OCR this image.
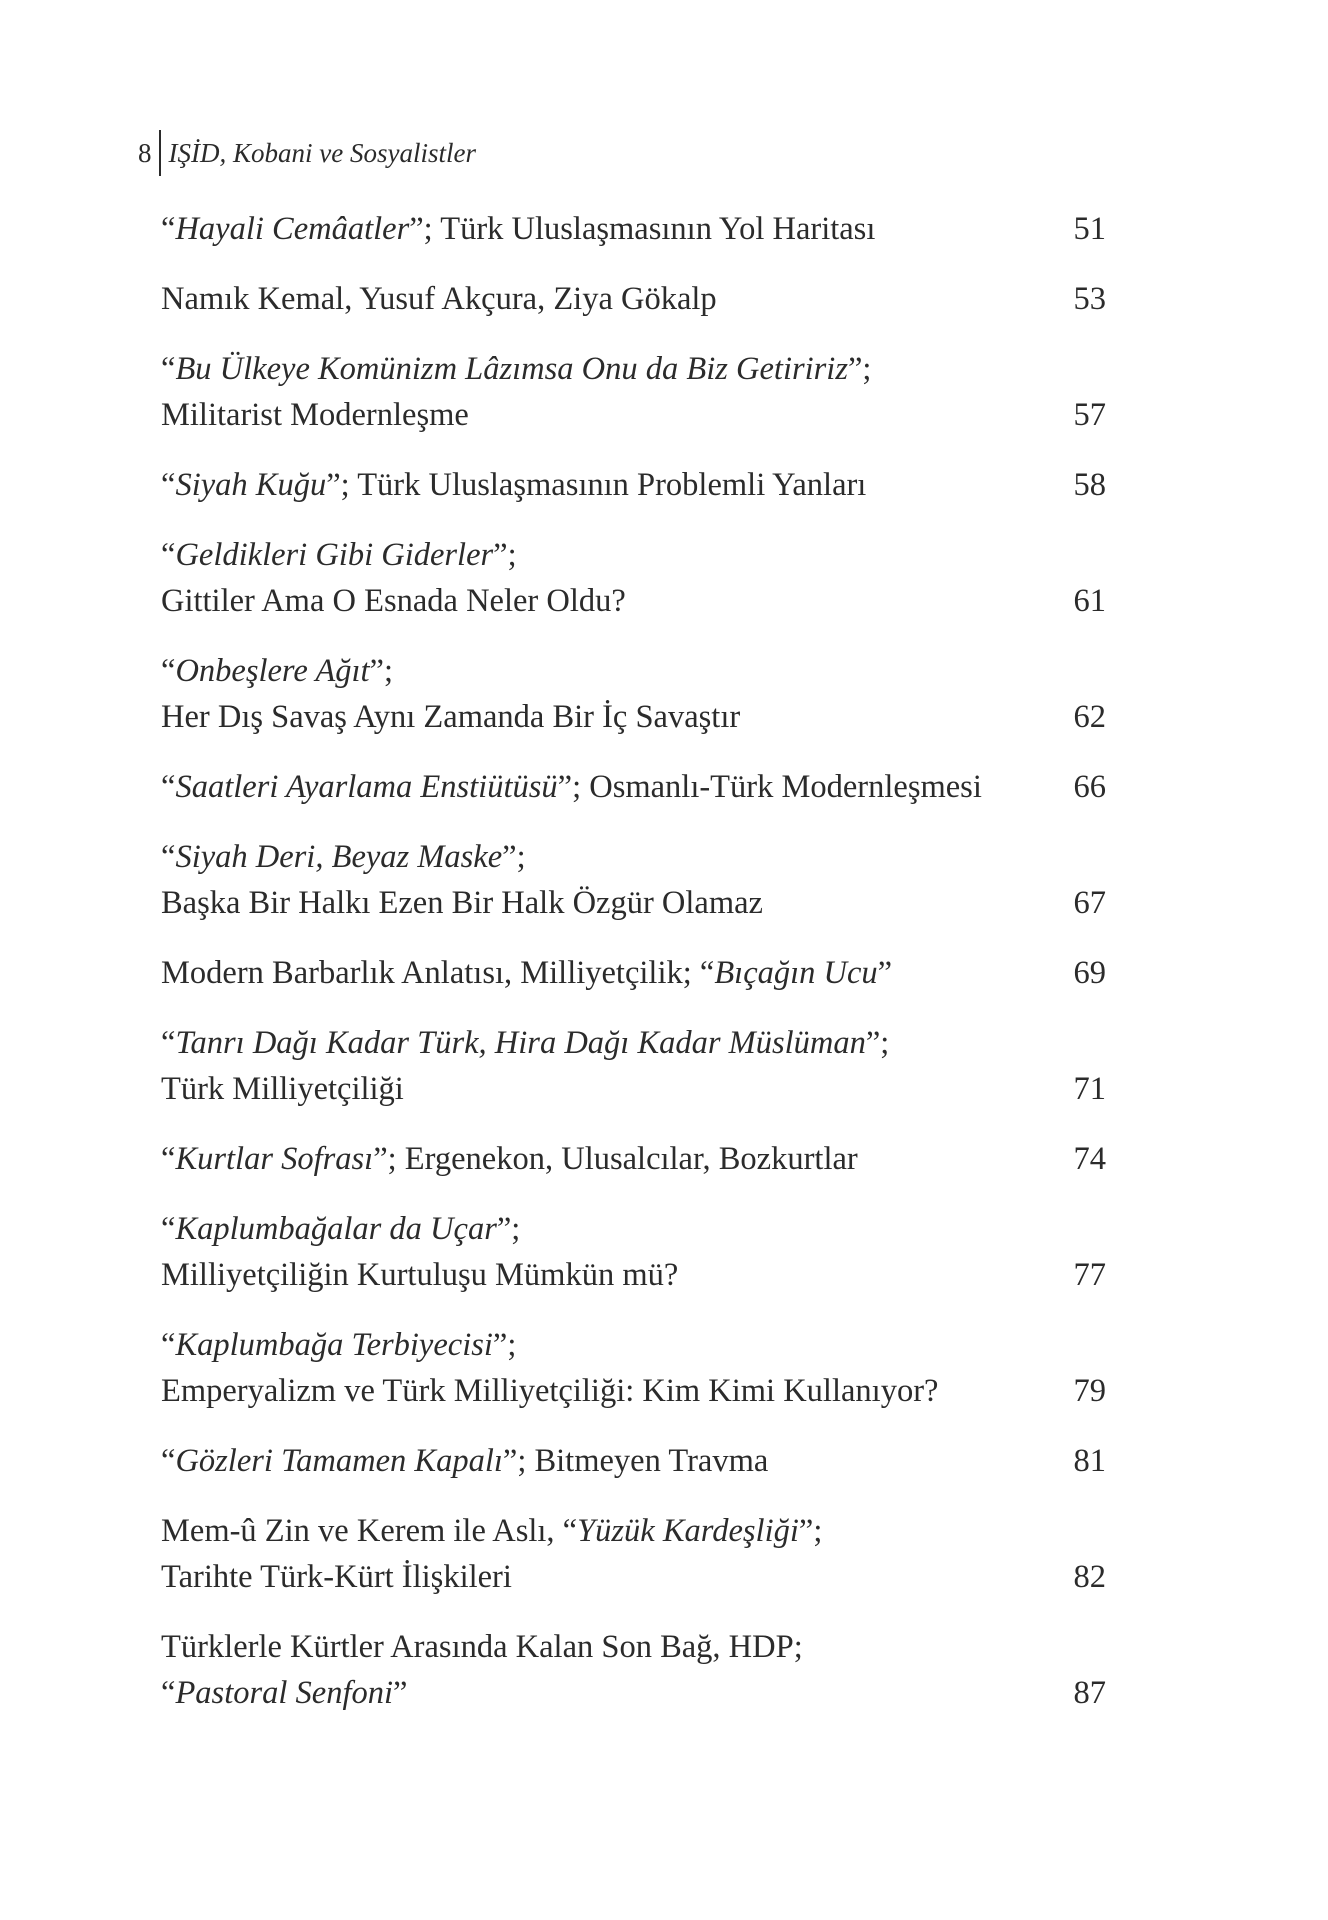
8 IŞİD, Kobani ve Sosyalistler
“Hayali Cemâatler”; Türk Uluslaşmasının Yol Haritası	51
Namık Kemal, Yusuf Akçura, Ziya Gökalp	53
“Bu Ülkeye Komünizm Lâzımsa Onu da Biz Getiririz”;
Militarist Modernleşme	57
“Siyah Kuğu”; Türk Uluslaşmasının Problemli Yanları	58
“Geldikleri Gibi Giderler”;
Gittiler Ama O Esnada Neler Oldu?	61
“Onbeşlere Ağıt”;
Her Dış Savaş Aynı Zamanda Bir İç Savaştır	62
“Saatleri Ayarlama Enstiütüsü”; Osmanlı-Türk Modernleşmesi	66
“Siyah Deri, Beyaz Maske”;
Başka Bir Halkı Ezen Bir Halk Özgür Olamaz	67
Modern Barbarlık Anlatısı, Milliyetçilik; “Bıçağın Ucu”	69
“Tanrı Dağı Kadar Türk, Hira Dağı Kadar Müslüman”;
Türk Milliyetçiliği	71
“Kurtlar Sofrası”; Ergenekon, Ulusalcılar, Bozkurtlar	74
“Kaplumbağalar da Uçar”;
Milliyetçiliğin Kurtuluşu Mümkün mü?	77
“Kaplumbağa Terbiyecisi”;
Emperyalizm ve Türk Milliyetçiliği: Kim Kimi Kullanıyor?	79
“Gözleri Tamamen Kapalı”; Bitmeyen Travma	81
Mem-û Zin ve Kerem ile Aslı, “Yüzük Kardeşliği”;
Tarihte Türk-Kürt İlişkileri	82
Türklerle Kürtler Arasında Kalan Son Bağ, HDP;
“Pastoral Senfoni”	87
